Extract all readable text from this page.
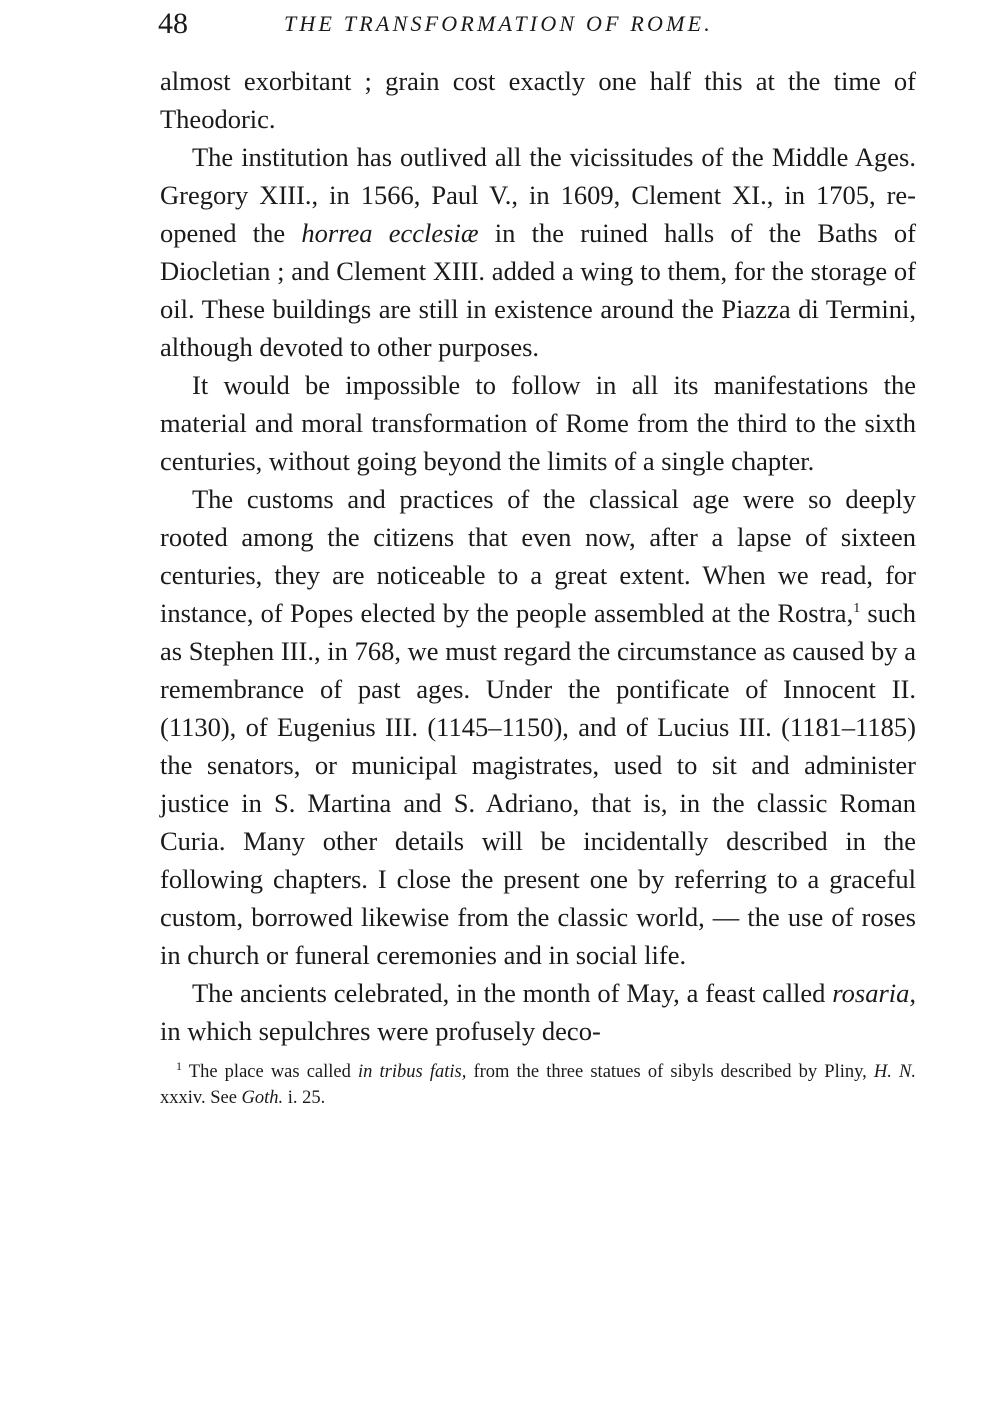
48	THE TRANSFORMATION OF ROME.

almost exorbitant ; grain cost exactly one half this at the time of Theodoric.

The institution has outlived all the vicissitudes of the Middle Ages. Gregory XIII., in 1566, Paul V., in 1609, Clement XI., in 1705, re-opened the horrea ecclesiæ in the ruined halls of the Baths of Diocletian ; and Clement XIII. added a wing to them, for the storage of oil. These buildings are still in existence around the Piazza di Termini, although devoted to other purposes.

It would be impossible to follow in all its manifestations the material and moral transformation of Rome from the third to the sixth centuries, without going beyond the limits of a single chapter.

The customs and practices of the classical age were so deeply rooted among the citizens that even now, after a lapse of sixteen centuries, they are noticeable to a great extent. When we read, for instance, of Popes elected by the people assembled at the Rostra,$^1$ such as Stephen III., in 768, we must regard the circumstance as caused by a remembrance of past ages. Under the pontificate of Innocent II. (1130), of Eugenius III. (1145–1150), and of Lucius III. (1181–1185) the senators, or municipal magistrates, used to sit and administer justice in S. Martina and S. Adriano, that is, in the classic Roman Curia. Many other details will be incidentally described in the following chapters. I close the present one by referring to a graceful custom, borrowed likewise from the classic world, — the use of roses in church or funeral ceremonies and in social life.

The ancients celebrated, in the month of May, a feast called rosaria, in which sepulchres were profusely deco-

$^1$ The place was called in tribus fatis, from the three statues of sibyls described by Pliny, H. N. xxxiv. See Goth. i. 25.
